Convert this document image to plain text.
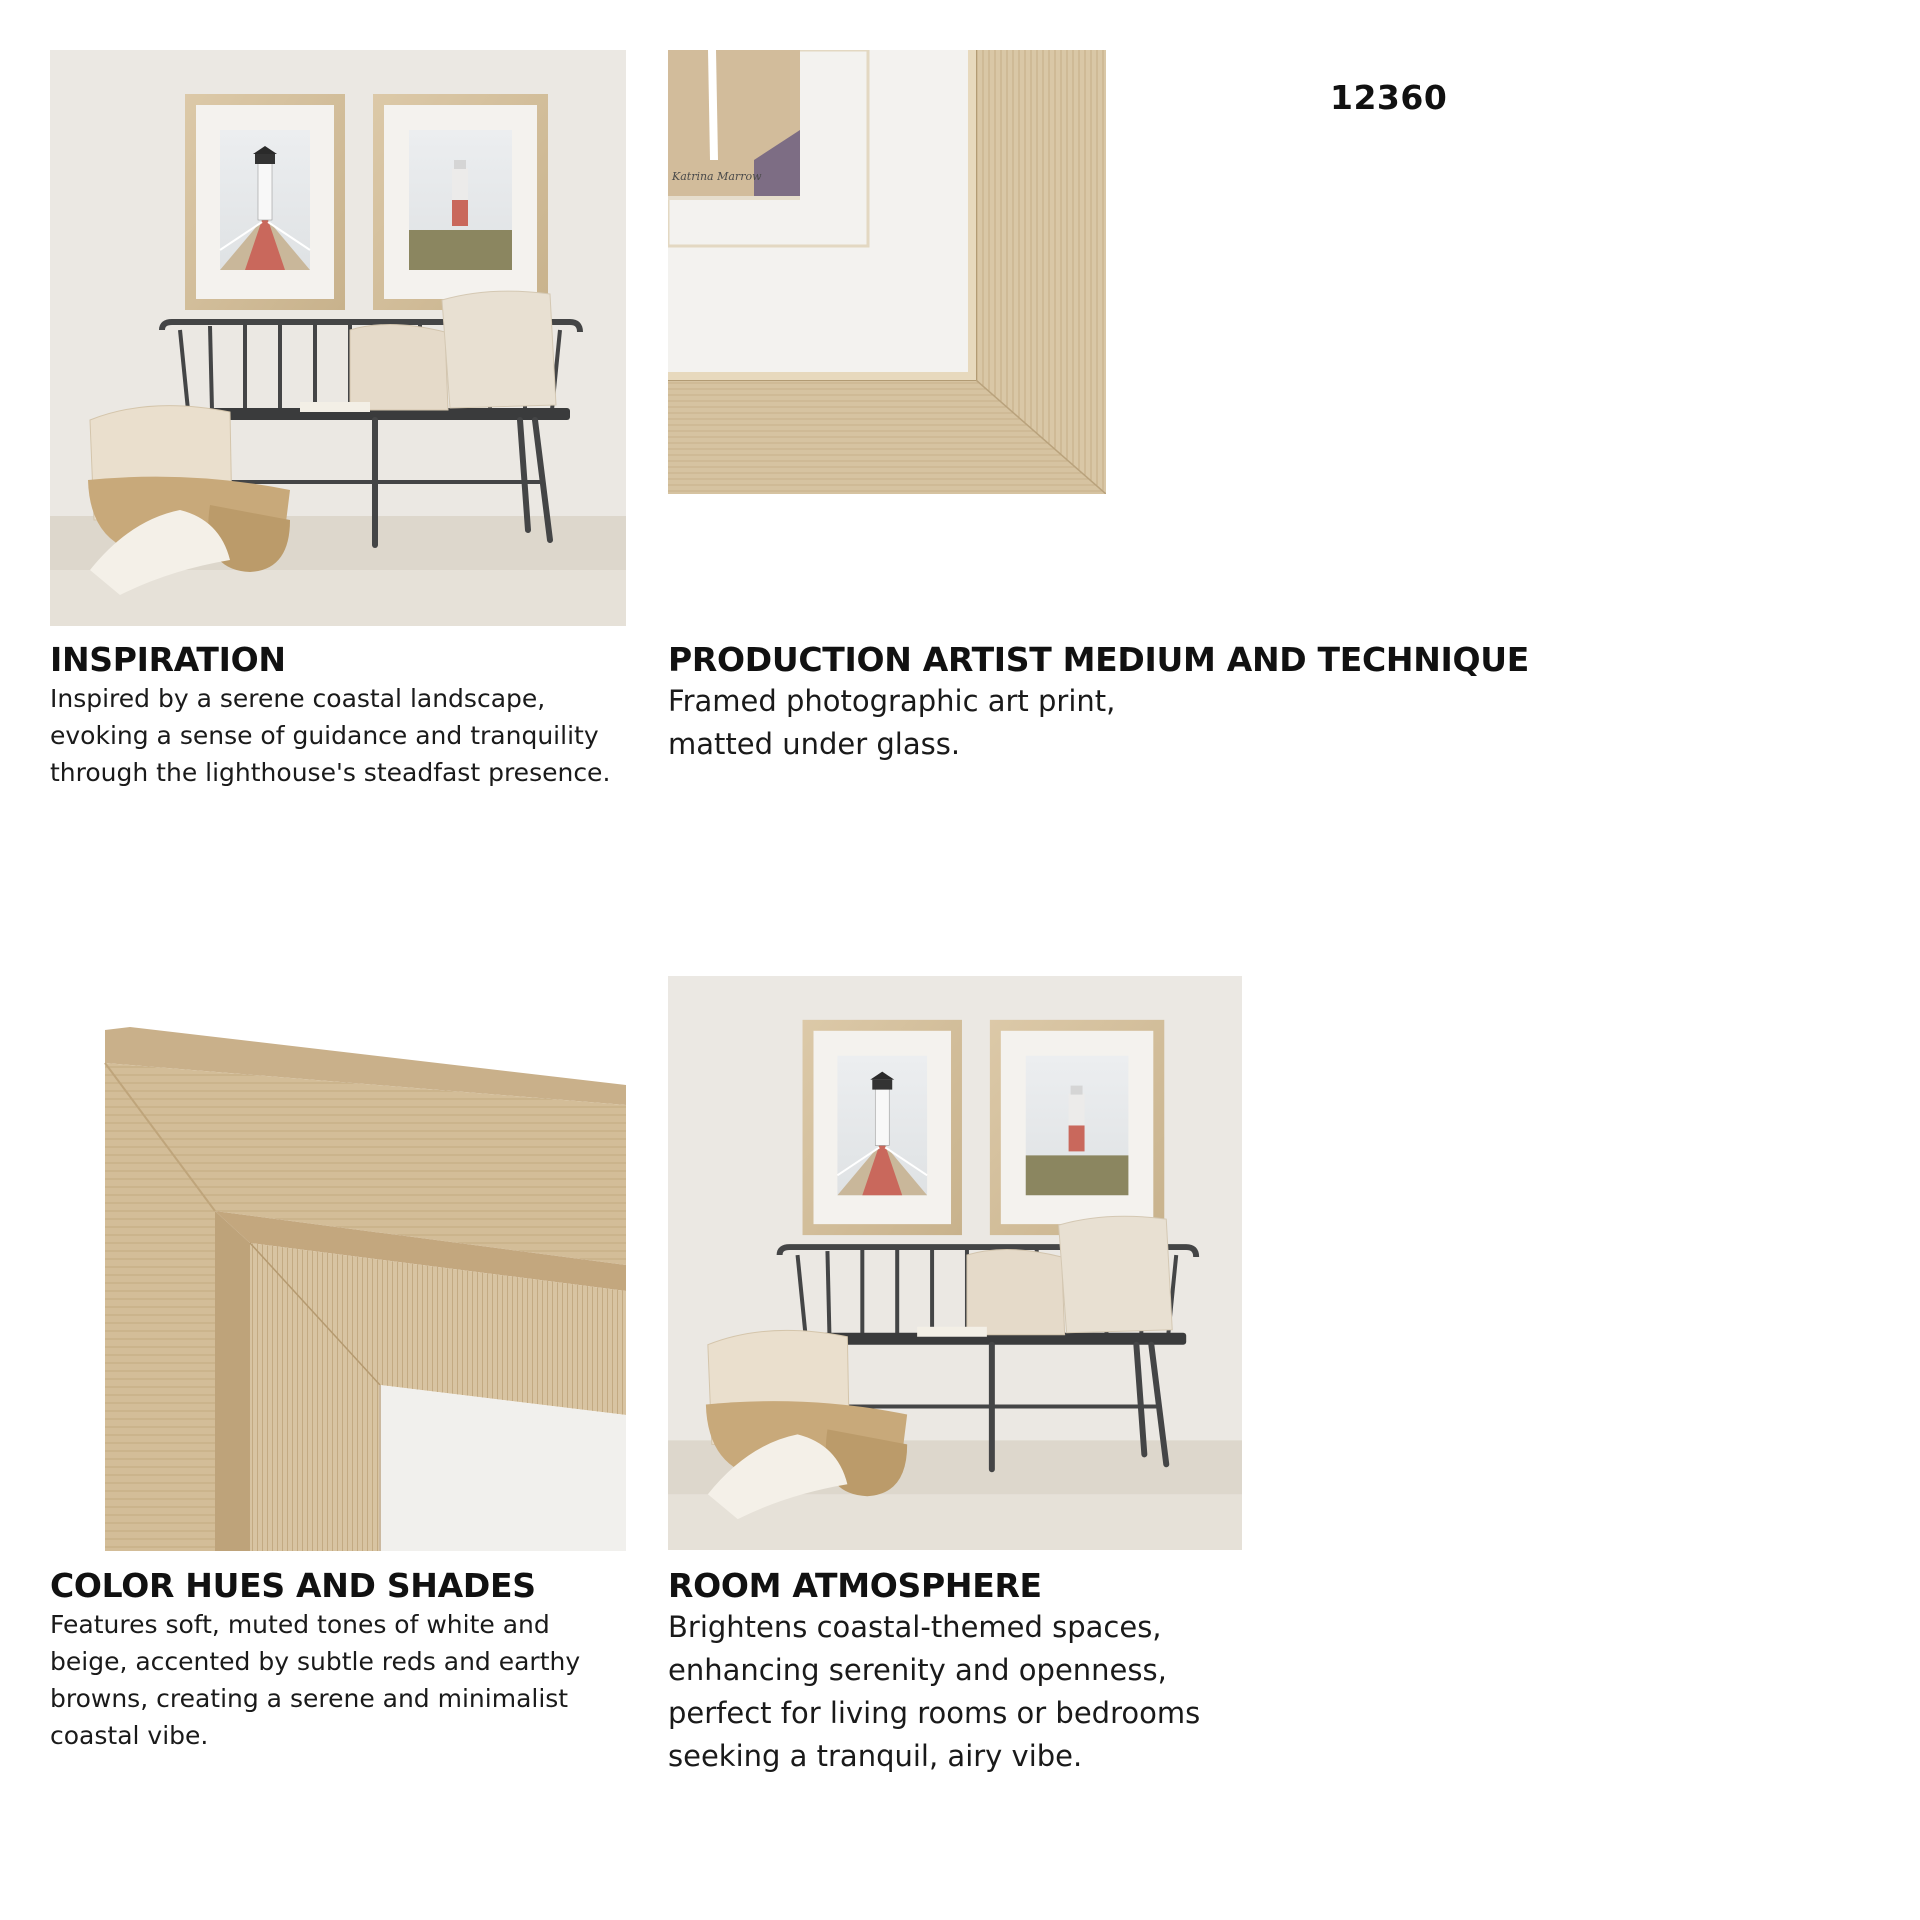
12360
Katrina Marrow
INSPIRATION
Inspired by a serene coastal landscape, evoking a sense of guidance and tranquility through the lighthouse's steadfast presence.
PRODUCTION ARTIST MEDIUM AND TECHNIQUE
Framed photographic art print, matted under glass.
COLOR HUES AND SHADES
Features soft, muted tones of white and beige, accented by subtle reds and earthy browns, creating a serene and minimalist coastal vibe.
ROOM ATMOSPHERE
Brightens coastal-themed spaces, enhancing serenity and openness, perfect for living rooms or bedrooms seeking a tranquil, airy vibe.
